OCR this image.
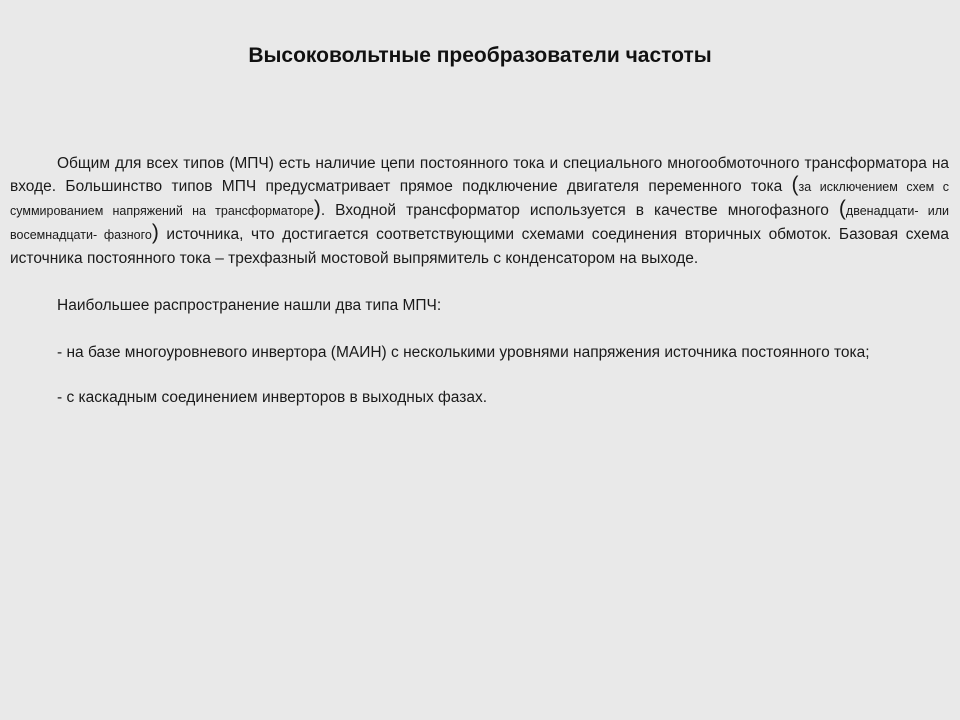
Высоковольтные преобразователи частоты

Общим для всех типов (МПЧ) есть наличие цепи постоянного тока и специального многообмоточного трансформатора на входе. Большинство типов МПЧ предусматривает прямое подключение двигателя переменного тока (за исключением схем с суммированием напряжений на трансформаторе). Входной трансформатор используется в качестве многофазного (двенадцати- или восемнадцати- фазного) источника, что достигается соответствующими схемами соединения вторичных обмоток. Базовая схема источника постоянного тока – трехфазный мостовой выпрямитель с конденсатором на выходе.

Наибольшее распространение нашли два типа МПЧ:

- на базе многоуровневого инвертора (МАИН) с несколькими уровнями напряжения источника постоянного тока;

- с каскадным соединением инверторов в выходных фазах.
